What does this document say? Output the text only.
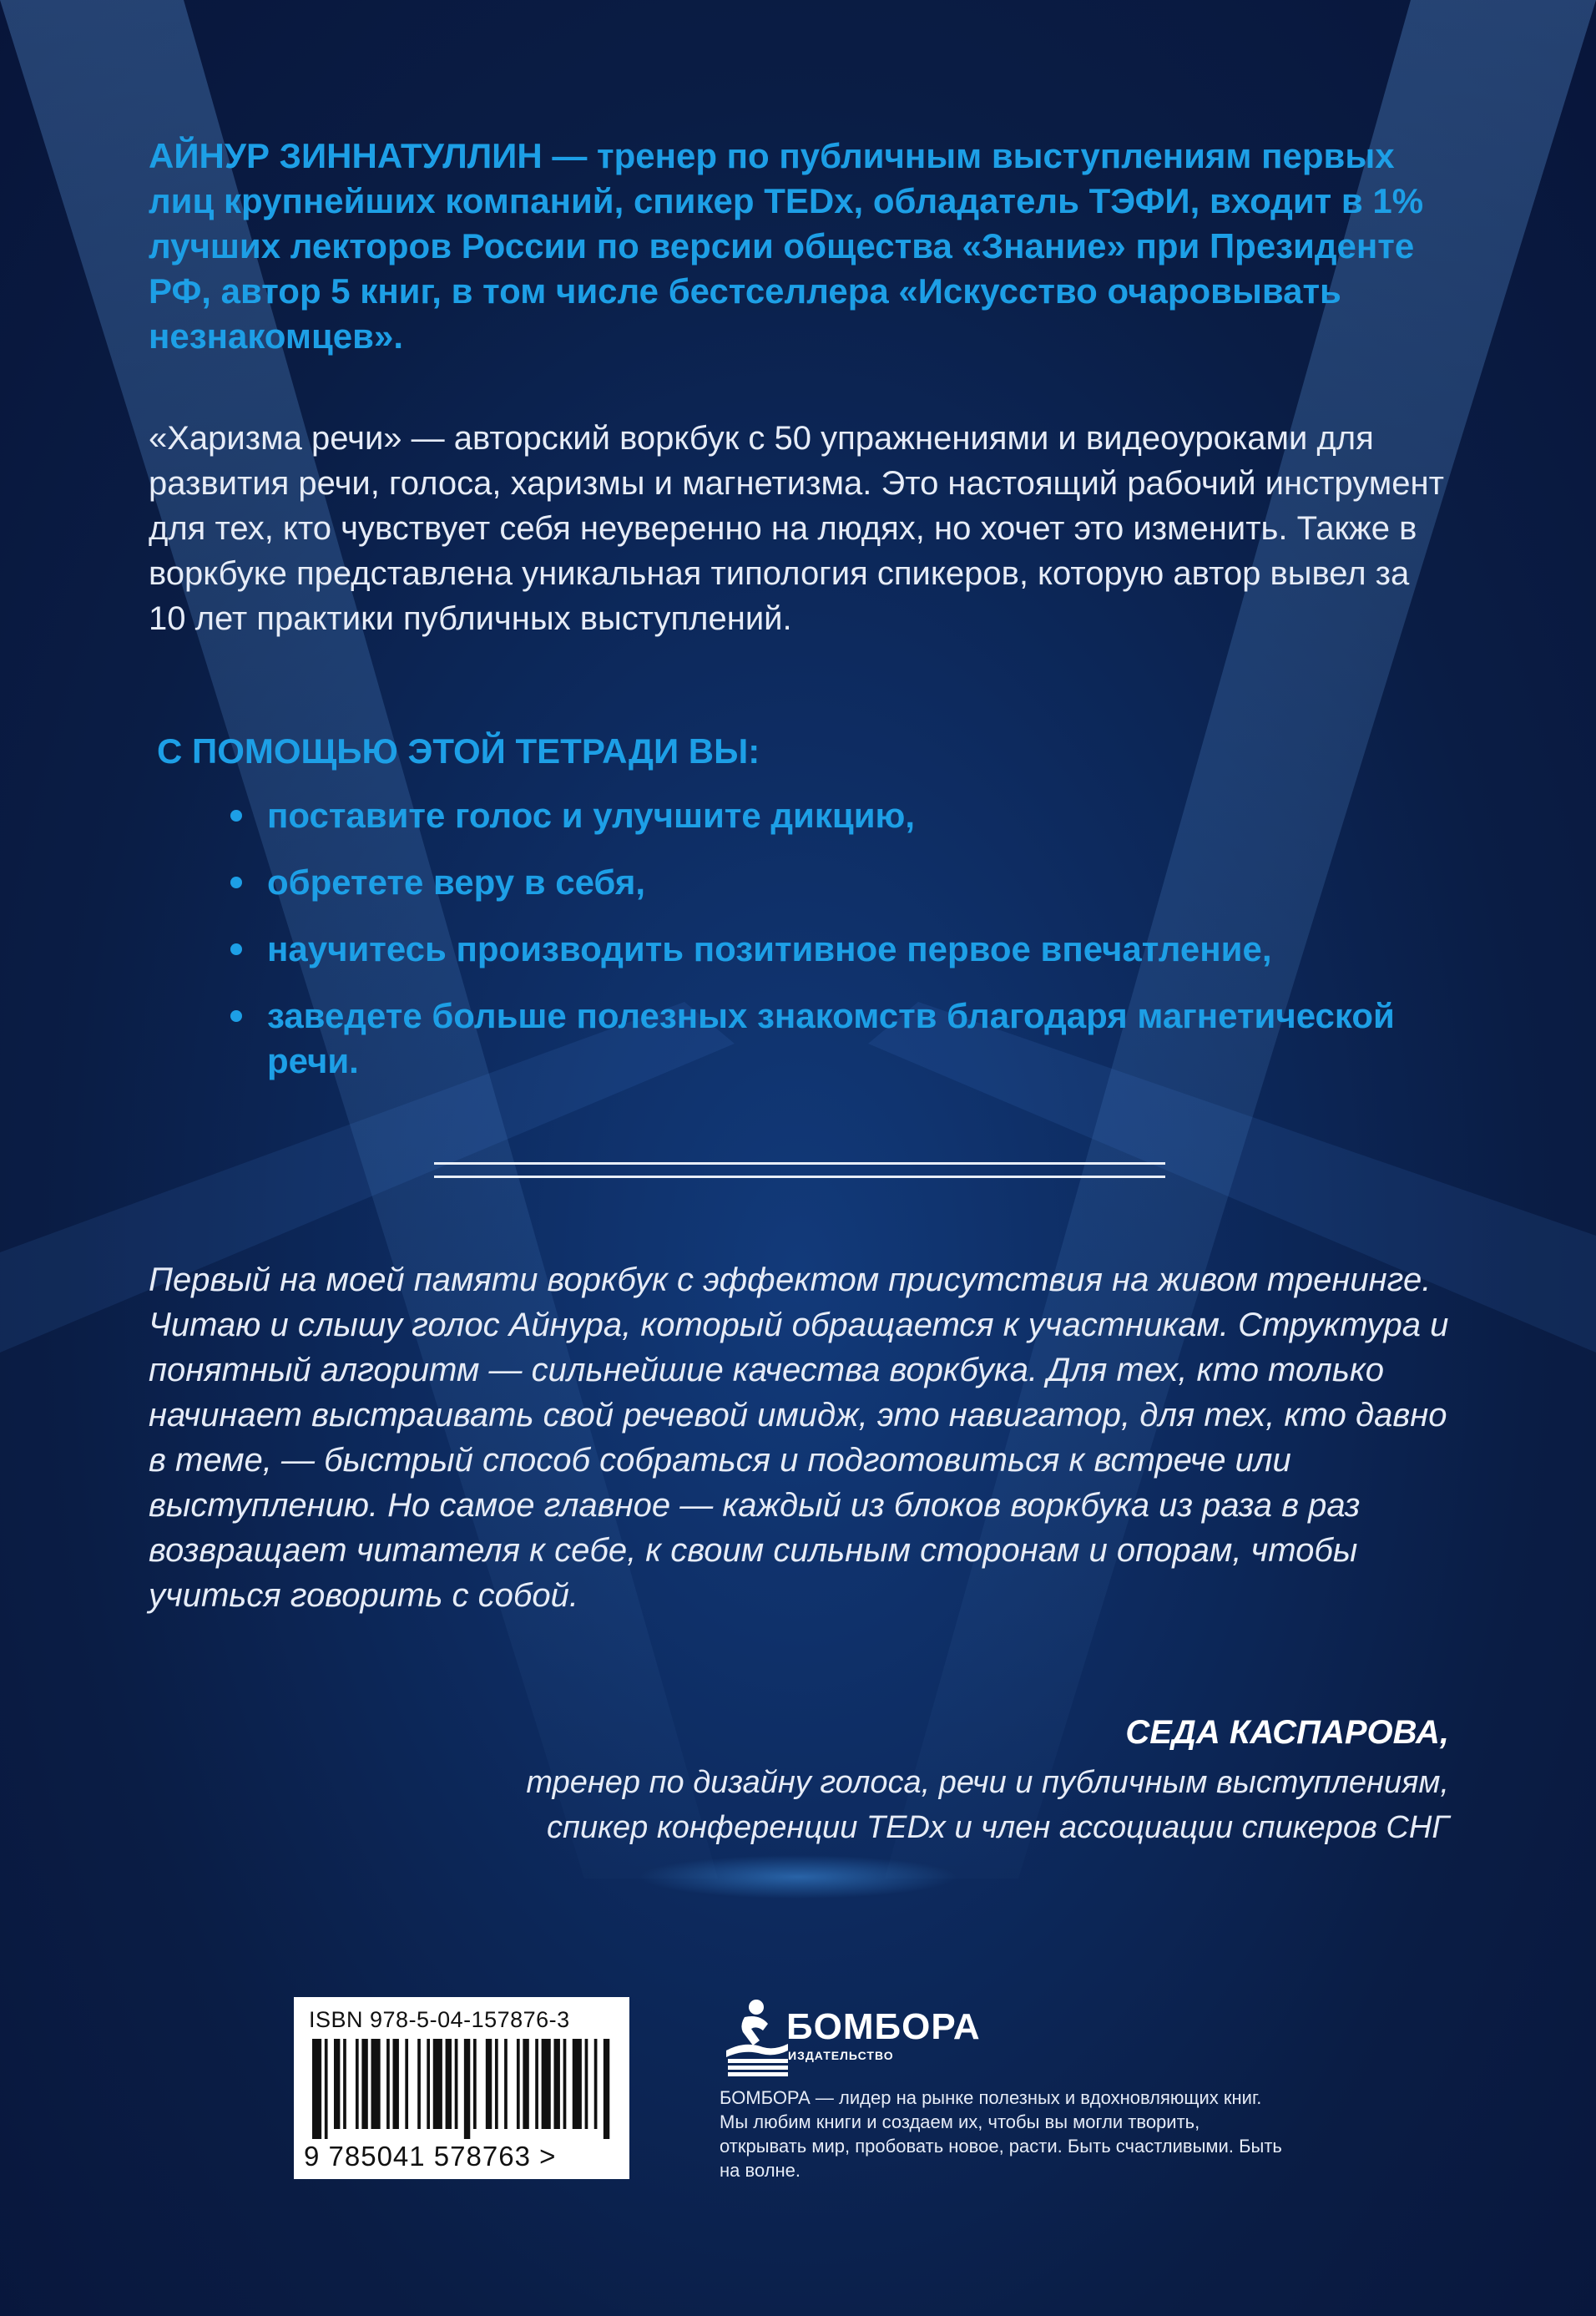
АЙНУР ЗИННАТУЛЛИН — тренер по публичным выступлениям первых лиц крупнейших компаний, спикер TEDx, обладатель ТЭФИ, входит в 1% лучших лекторов России по версии общества «Знание» при Президенте РФ, автор 5 книг, в том числе бестселлера «Искусство очаровывать незнакомцев».
«Харизма речи» — авторский воркбук с 50 упражнениями и видеоуроками для развития речи, голоса, харизмы и магнетизма. Это настоящий рабочий инструмент для тех, кто чувствует себя неуверенно на людях, но хочет это изменить. Также в воркбуке представлена уникальная типология спикеров, которую автор вывел за 10 лет практики публичных выступлений.
С ПОМОЩЬЮ ЭТОЙ ТЕТРАДИ ВЫ:
поставите голос и улучшите дикцию,
обретете веру в себя,
научитесь производить позитивное первое впечатление,
заведете больше полезных знакомств благодаря магнетической речи.
Первый на моей памяти воркбук с эффектом присутствия на живом тренинге. Читаю и слышу голос Айнура, который обращается к участникам. Структура и понятный алгоритм — сильнейшие качества воркбука. Для тех, кто только начинает выстраивать свой речевой имидж, это навигатор, для тех, кто давно в теме, — быстрый способ собраться и подготовиться к встрече или выступлению. Но самое главное — каждый из блоков воркбука из раза в раз возвращает читателя к себе, к своим сильным сторонам и опорам, чтобы учиться говорить с собой.
СЕДА КАСПАРОВА,
тренер по дизайну голоса, речи и публичным выступлениям,
спикер конференции TEDx и член ассоциации спикеров СНГ
ISBN 978-5-04-157876-3
9 785041 578763 >
БОМБОРА
ИЗДАТЕЛЬСТВО
БОМБОРА — лидер на рынке полезных и вдохновляющих книг. Мы любим книги и создаем их, чтобы вы могли творить, открывать мир, пробовать новое, расти. Быть счастливыми. Быть на волне.
